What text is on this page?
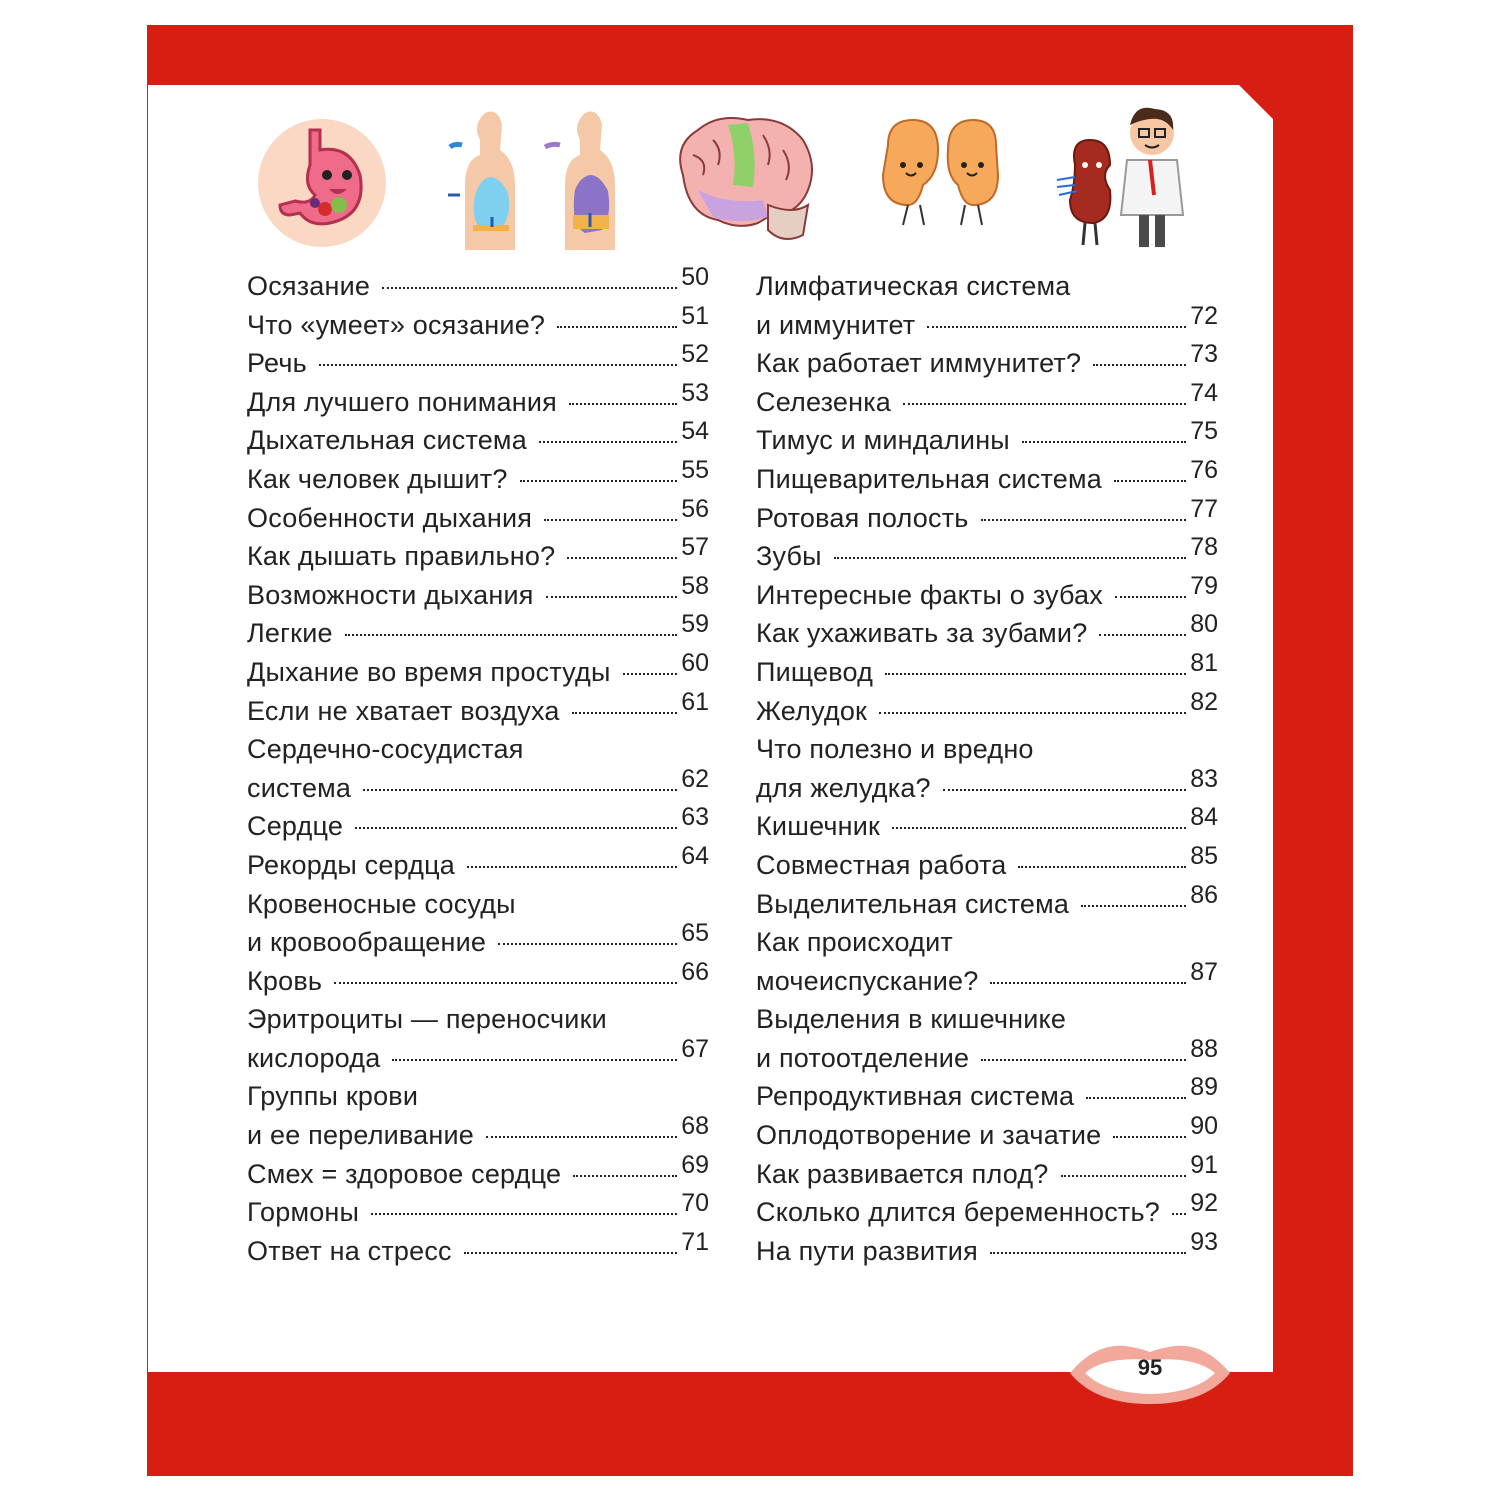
Осязание	50
Что «умеет» осязание?	51
Речь	52
Для лучшего понимания	53
Дыхательная система	54
Как человек дышит?	55
Особенности дыхания	56
Как дышать правильно?	57
Возможности дыхания	58
Легкие	59
Дыхание во время простуды	60
Если не хватает воздуха	61
Сердечно-сосудистая
система	62
Сердце	63
Рекорды сердца	64
Кровеносные сосуды
и кровообращение	65
Кровь	66
Эритроциты — переносчики
кислорода	67
Группы крови
и ее переливание	68
Смех = здоровое сердце	69
Гормоны	70
Ответ на стресс	71
Лимфатическая система
и иммунитет	72
Как работает иммунитет?	73
Селезенка	74
Тимус и миндалины	75
Пищеварительная система	76
Ротовая полость	77
Зубы	78
Интересные факты о зубах	79
Как ухаживать за зубами?	80
Пищевод	81
Желудок	82
Что полезно и вредно
для желудка?	83
Кишечник	84
Совместная работа	85
Выделительная система	86
Как происходит
мочеиспускание?	87
Выделения в кишечнике
и потоотделение	88
Репродуктивная система	89
Оплодотворение и зачатие	90
Как развивается плод?	91
Сколько длится беременность? 92
На пути развития	93
95
